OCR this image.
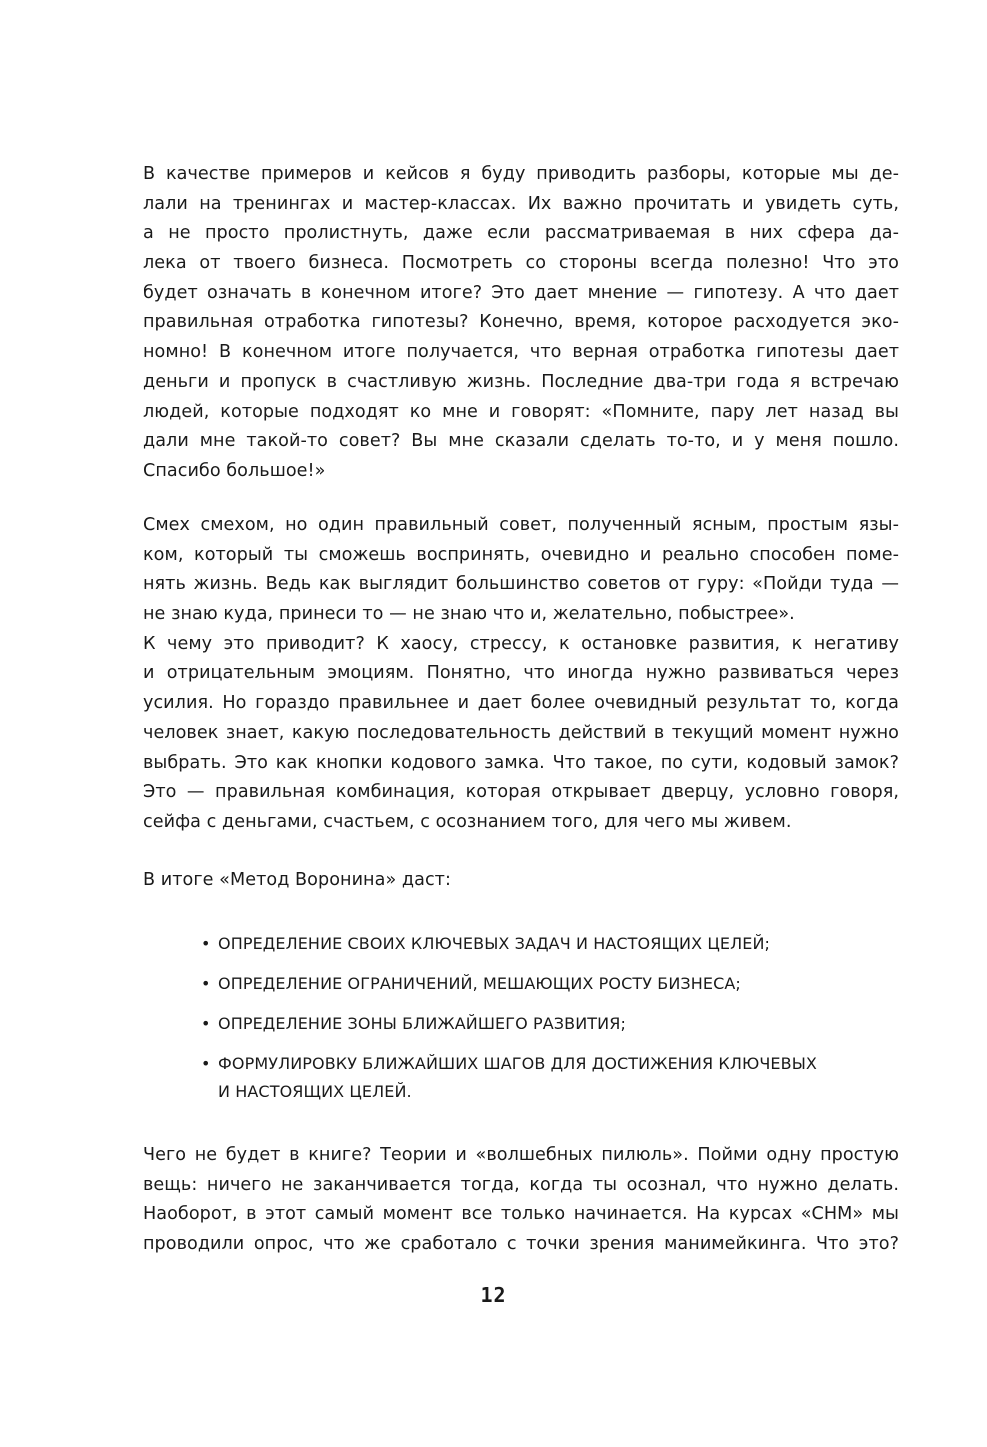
В качестве примеров и кейсов я буду приводить разборы, которые мы де-
лали на тренингах и мастер-классах. Их важно прочитать и увидеть суть,
а не просто пролистнуть, даже если рассматриваемая в них сфера да-
лека от твоего бизнеса. Посмотреть со стороны всегда полезно! Что это
будет означать в конечном итоге? Это дает мнение — гипотезу. А что дает
правильная отработка гипотезы? Конечно, время, которое расходуется эко-
номно! В конечном итоге получается, что верная отработка гипотезы дает
деньги и пропуск в счастливую жизнь. Последние два-три года я встречаю
людей, которые подходят ко мне и говорят: «Помните, пару лет назад вы
дали мне такой-то совет? Вы мне сказали сделать то-то, и у меня пошло.
Спасибо большое!»
Смех смехом, но один правильный совет, полученный ясным, простым язы-
ком, который ты сможешь воспринять, очевидно и реально способен поме-
нять жизнь. Ведь как выглядит большинство советов от гуру: «Пойди туда —
не знаю куда, принеси то — не знаю что и, желательно, побыстрее».
К чему это приводит? К хаосу, стрессу, к остановке развития, к негативу
и отрицательным эмоциям. Понятно, что иногда нужно развиваться через
усилия. Но гораздо правильнее и дает более очевидный результат то, когда
человек знает, какую последовательность действий в текущий момент нужно
выбрать. Это как кнопки кодового замка. Что такое, по сути, кодовый замок?
Это — правильная комбинация, которая открывает дверцу, условно говоря,
сейфа с деньгами, счастьем, с осознанием того, для чего мы живем.
В итоге «Метод Воронина» даст:
• ОПРЕДЕЛЕНИЕ СВОИХ КЛЮЧЕВЫХ ЗАДАЧ И НАСТОЯЩИХ ЦЕЛЕЙ;
• ОПРЕДЕЛЕНИЕ ОГРАНИЧЕНИЙ, МЕШАЮЩИХ РОСТУ БИЗНЕСА;
• ОПРЕДЕЛЕНИЕ ЗОНЫ БЛИЖАЙШЕГО РАЗВИТИЯ;
• ФОРМУЛИРОВКУ БЛИЖАЙШИХ ШАГОВ ДЛЯ ДОСТИЖЕНИЯ КЛЮЧЕВЫХ
И НАСТОЯЩИХ ЦЕЛЕЙ.
Чего не будет в книге? Теории и «волшебных пилюль». Пойми одну простую
вещь: ничего не заканчивается тогда, когда ты осознал, что нужно делать.
Наоборот, в этот самый момент все только начинается. На курсах «СНМ» мы
проводили опрос, что же сработало с точки зрения манимейкинга. Что это?
12
